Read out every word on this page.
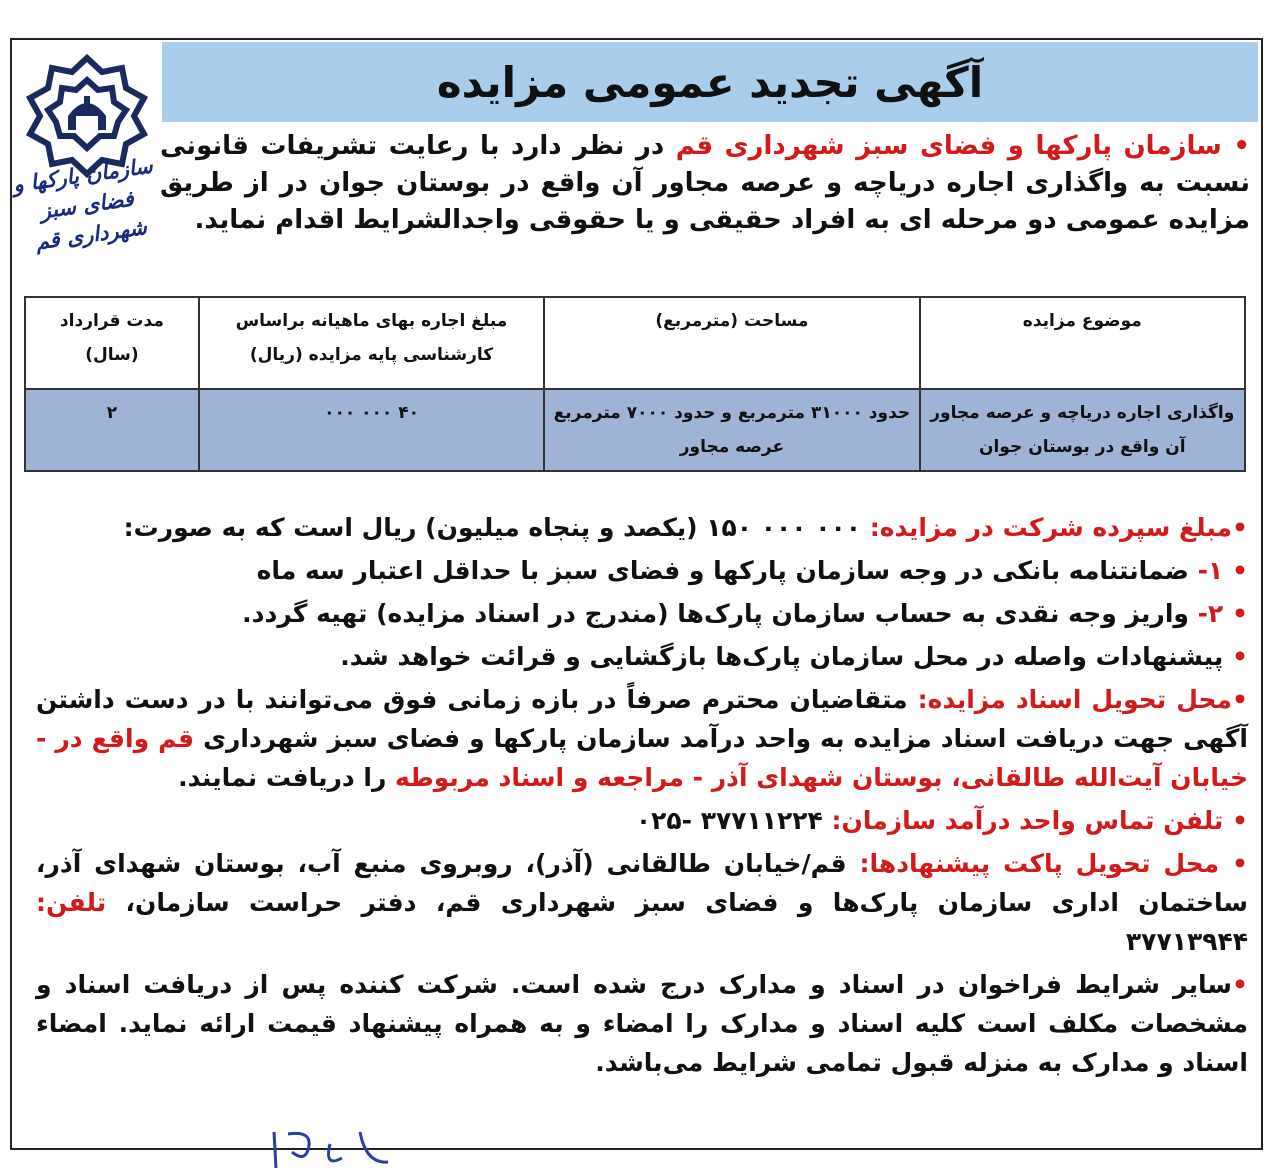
آگهی تجدید عمومی مزایده
سازمان پارکها و فضای سبز
شهرداری قم
• سازمان پارکها و فضای سبز شهرداری قم در نظر دارد با رعایت تشریفات قانونی نسبت به واگذاری اجاره دریاچه و عرصه مجاور آن واقع در بوستان جوان در از طریق مزایده عمومی دو مرحله ای به افراد حقیقی و یا حقوقی واجدالشرایط اقدام نماید.
موضوع مزایده	مساحت (مترمربع)	مبلغ اجاره بهای ماهیانه براساس کارشناسی پایه مزایده (ریال)	مدت قرارداد (سال)
واگذاری اجاره دریاچه و عرصه مجاور آن واقع در بوستان جوان	حدود ۳۱۰۰۰ مترمربع و حدود ۷۰۰۰ مترمربع عرصه مجاور	۴۰ ۰۰۰ ۰۰۰	۲

•مبلغ سپرده شرکت در مزایده: ۰۰۰ ۰۰۰ ۱۵۰ (یکصد و پنجاه میلیون) ریال است که به صورت:

• ۱- ضمانتنامه بانکی در وجه سازمان پارکها و فضای سبز با حداقل اعتبار سه ماه

• ۲- واریز وجه نقدی به حساب سازمان پارک‌ها (مندرج در اسناد مزایده) تهیه گردد.

• پیشنهادات واصله در محل سازمان پارک‌ها بازگشایی و قرائت خواهد شد.

•محل تحویل اسناد مزایده: متقاضیان محترم صرفاً در بازه زمانی فوق می‌توانند با در دست داشتن آگهی جهت دریافت اسناد مزایده به واحد درآمد سازمان پارکها و فضای سبز شهرداری قم واقع در - خیابان آیت‌الله طالقانی، بوستان شهدای آذر - مراجعه و اسناد مربوطه را دریافت نمایند.

• تلفن تماس واحد درآمد سازمان: ۳۷۷۱۱۲۲۴ -۰۲۵

• محل تحویل پاکت پیشنهادها: قم/خیابان طالقانی (آذر)، روبروی منبع آب، بوستان شهدای آذر، ساختمان اداری سازمان پارک‌ها و فضای سبز شهرداری قم، دفتر حراست سازمان، تلفن: ۳۷۷۱۳۹۴۴

•سایر شرایط فراخوان در اسناد و مدارک درج شده است. شرکت کننده پس از دریافت اسناد و مشخصات مکلف است کلیه اسناد و مدارک را امضاء و به همراه پیشنهاد قیمت ارائه نماید. امضاء اسناد و مدارک به منزله قبول تمامی شرایط می‌باشد.
